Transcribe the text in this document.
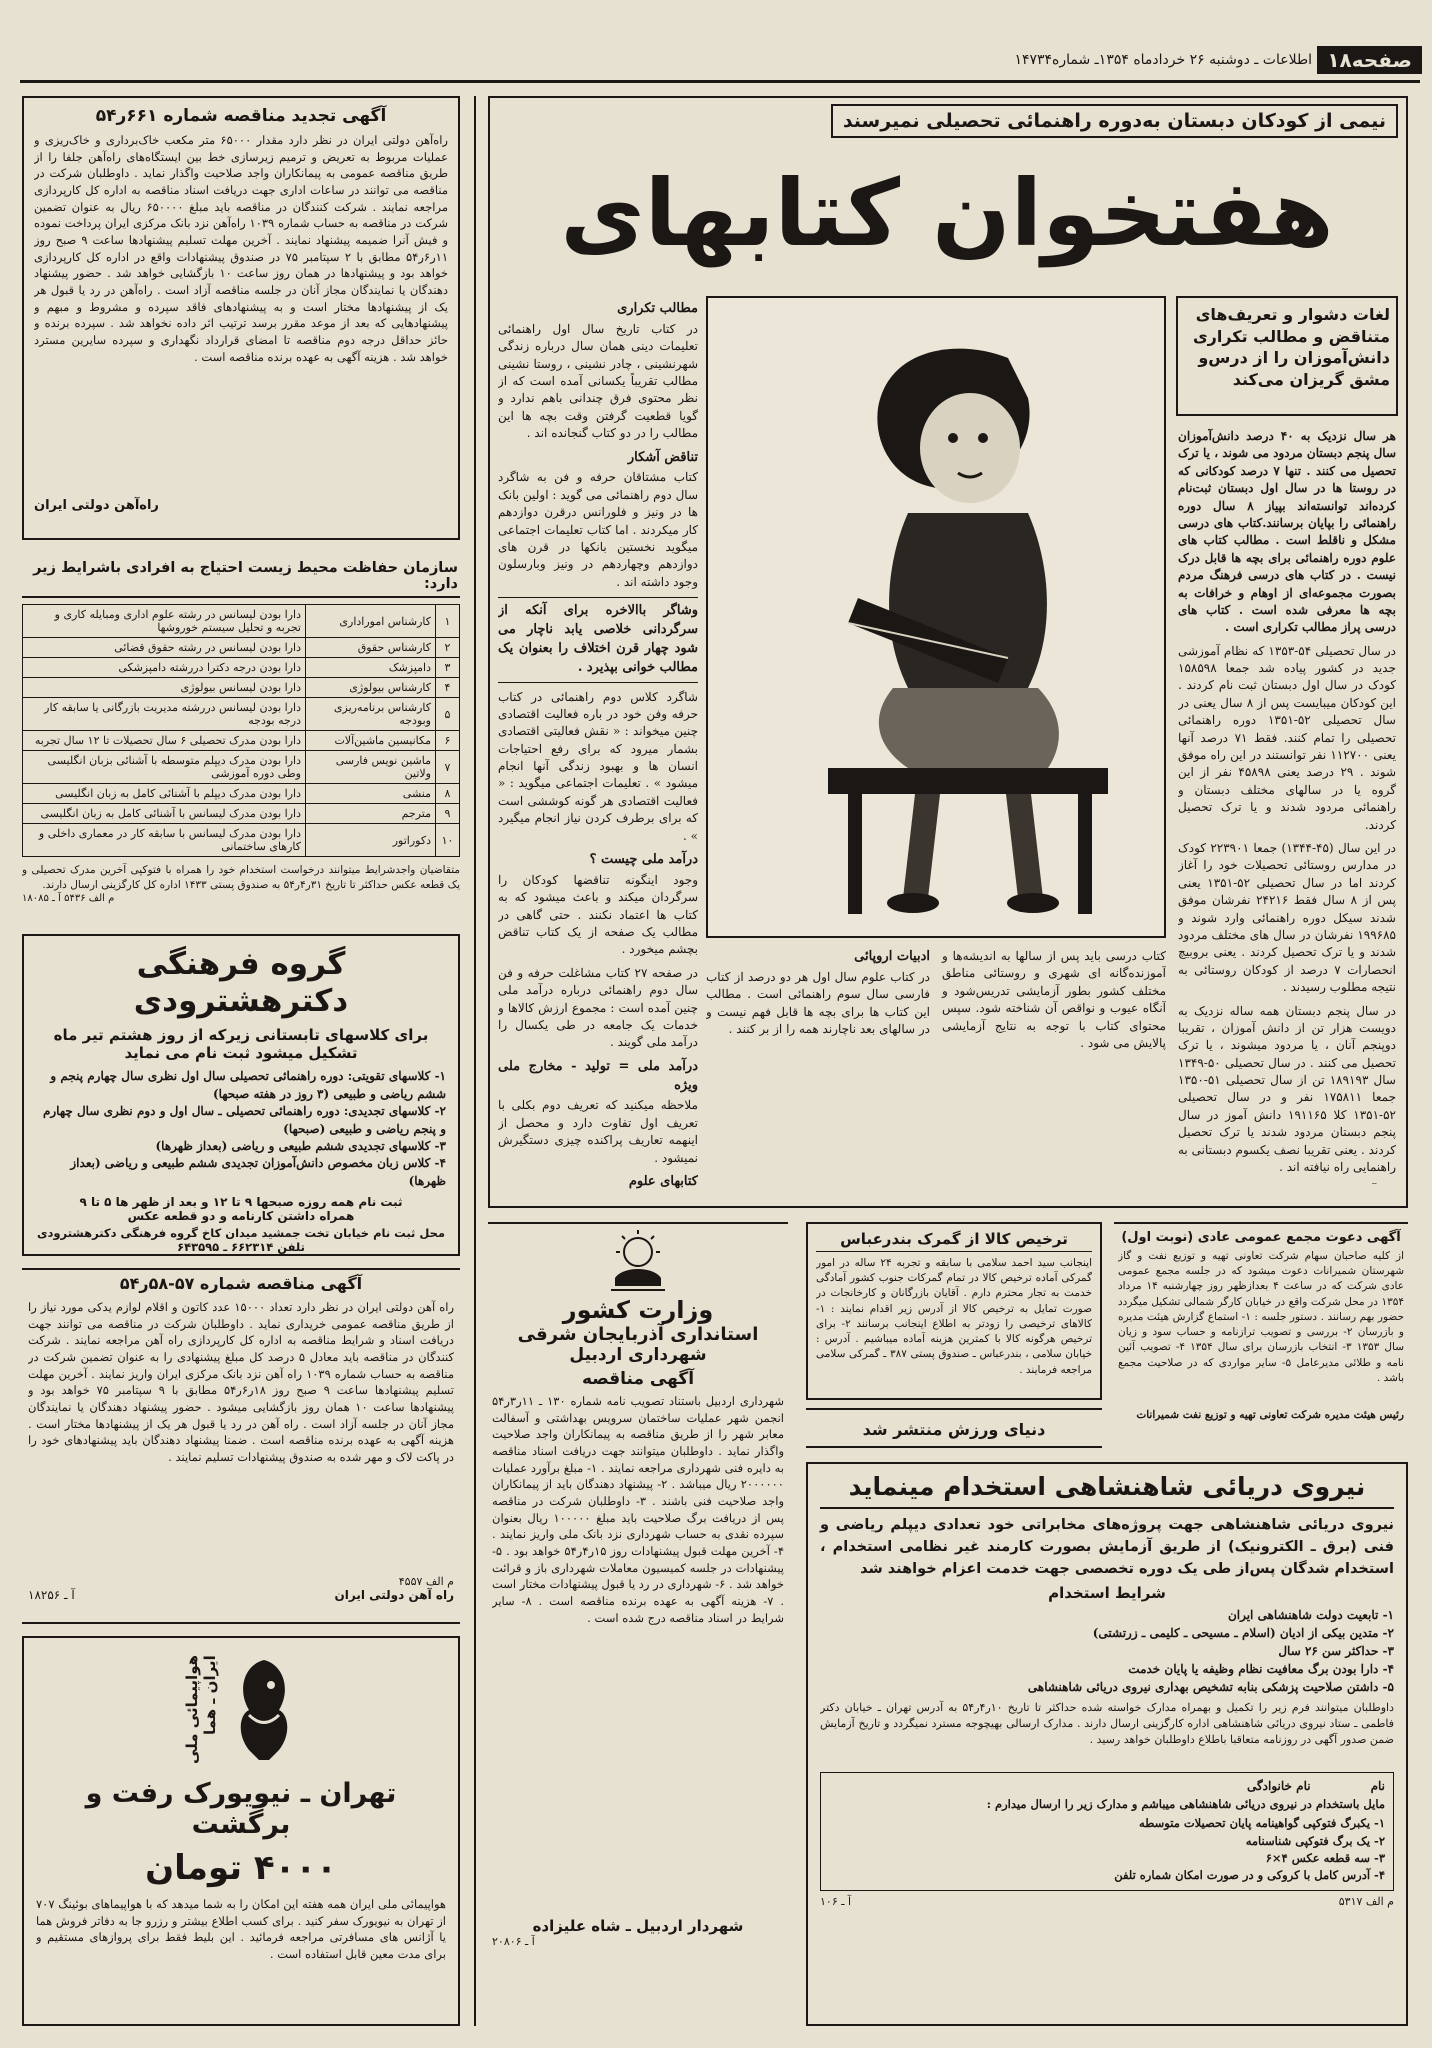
صفحه۱۸
اطلاعات ـ دوشنبه ۲۶ خردادماه ۱۳۵۴ـ شماره۱۴۷۳۴
آگهی تجدید مناقصه شماره ۶۶۱ر۵۴
راه‌آهن دولتی ایران در نظر دارد مقدار ۶۵۰۰۰ متر مکعب خاک‌برداری و خاک‌ریزی و عملیات مربوط به تعریض و ترمیم زیرسازی خط بین ایستگاه‌های راه‌آهن جلفا را از طریق مناقصه عمومی به پیمانکاران واجد صلاحیت واگذار نماید . داوطلبان شرکت در مناقصه می توانند در ساعات اداری جهت دریافت اسناد مناقصه به اداره کل کارپردازی مراجعه نمایند . شرکت کنندگان در مناقصه باید مبلغ ۶۵۰۰۰۰ ریال به عنوان تضمین شرکت در مناقصه به حساب شماره ۱۰۳۹ راه‌آهن نزد بانک مرکزی ایران پرداخت نموده و فیش آنرا ضمیمه پیشنهاد نمایند . آخرین مهلت تسلیم پیشنهادها ساعت ۹ صبح روز ۱۱ر۶ر۵۴ مطابق با ۲ سپتامبر ۷۵ در صندوق پیشنهادات واقع در اداره کل کارپردازی خواهد بود و پیشنهادها در همان روز ساعت ۱۰ بازگشایی خواهد شد . حضور پیشنهاد دهندگان یا نمایندگان مجاز آنان در جلسه مناقصه آزاد است . راه‌آهن در رد یا قبول هر یک از پیشنهادها مختار است و به پیشنهادهای فاقد سپرده و مشروط و مبهم و پیشنهادهایی که بعد از موعد مقرر برسد ترتیب اثر داده نخواهد شد . سپرده برنده و حائز حداقل درجه دوم مناقصه تا امضای قرارداد نگهداری و سپرده سایرین مسترد خواهد شد . هزینه آگهی به عهده برنده مناقصه است .
راه‌آهن دولتی ایران
سازمان حفاظت محیط زیست احتیاج به افرادی باشرایط زیر دارد:
۱	کارشناس اموراداری	دارا بودن لیسانس در رشته علوم اداری ومبایله کاری و تجربه و تحلیل سیستم خوروشها
۲	کارشناس حقوق	دارا بودن لیسانس در رشته حقوق قضائی
۳	دامپزشک	دارا بودن درجه دکترا دررشته دامپزشکی
۴	کارشناس بیولوژی	دارا بودن لیسانس بیولوژی
۵	کارشناس برنامه‌ریزی وبودجه	دارا بودن لیسانس دررشته مدیریت بازرگانی یا سابقه کار درجه بودجه
۶	مکانیسین ماشین‌آلات	دارا بودن مدرک تحصیلی ۶ سال تحصیلات تا ۱۲ سال تجربه
۷	ماشین نویس فارسی ولاتین	دارا بودن مدرک دیپلم متوسطه با آشنائی بزبان انگلیسی وطی دوره آموزشی
۸	منشی	دارا بودن مدرک دیپلم با آشنائی کامل به زبان انگلیسی
۹	مترجم	دارا بودن مدرک لیسانس با آشنائی کامل به زبان انگلیسی
۱۰	دکوراتور	دارا بودن مدرک لیسانس با سابقه کار در معماری داخلی و کارهای ساختمانی
متقاضیان واجدشرایط میتوانند درخواست استخدام خود را همراه با فتوکپی آخرین مدرک تحصیلی و یک قطعه عکس حداکثر تا تاریخ ۳۱ر۴ر۵۴ به صندوق پستی ۱۴۳۳ اداره کل کارگزینی ارسال دارند.
م الف ۵۴۳۶ آ ـ ۱۸۰۸۵
گروه فرهنگی دکترهشترودی
برای کلاسهای تابستانی زیرکه از روز هشتم تیر ماه تشکیل میشود ثبت نام می نماید
۱- کلاسهای تقویتی: دوره راهنمائی تحصیلی سال اول نظری سال چهارم پنجم و ششم ریاضی و طبیعی (۳ روز در هفته صبحها)
۲- کلاسهای تجدیدی: دوره راهنمائی تحصیلی ـ سال اول و دوم نظری سال چهارم و پنجم ریاضی و طبیعی (صبحها)
۳- کلاسهای تجدیدی ششم طبیعی و ریاضی (بعداز ظهرها)
۴- کلاس زبان مخصوص دانش‌آموزان تجدیدی ششم طبیعی و ریاضی (بعداز ظهرها)
ثبت نام همه روزه صبحها ۹ تا ۱۲ و بعد از ظهر ها ۵ تا ۹
همراه داشتن کارنامه و دو قطعه عکس
محل ثبت نام خیابان تخت جمشید میدان کاخ گروه فرهنگی دکترهشترودی تلفن ۶۶۲۳۱۴ ـ ۶۴۳۵۹۵
آگهی مناقصه شماره ۵۷-۵۸ر۵۴
راه آهن دولتی ایران در نظر دارد تعداد ۱۵۰۰۰ عدد کاتون و اقلام لوازم یدکی مورد نیاز را از طریق مناقصه عمومی خریداری نماید . داوطلبان شرکت در مناقصه می توانند جهت دریافت اسناد و شرایط مناقصه به اداره کل کارپردازی راه آهن مراجعه نمایند . شرکت کنندگان در مناقصه باید معادل ۵ درصد کل مبلغ پیشنهادی را به عنوان تضمین شرکت در مناقصه به حساب شماره ۱۰۳۹ راه آهن نزد بانک مرکزی ایران واریز نمایند . آخرین مهلت تسلیم پیشنهادها ساعت ۹ صبح روز ۱۸ر۶ر۵۴ مطابق با ۹ سپتامبر ۷۵ خواهد بود و پیشنهادها ساعت ۱۰ همان روز بازگشایی میشود . حضور پیشنهاد دهندگان یا نمایندگان مجاز آنان در جلسه آزاد است . راه آهن در رد یا قبول هر یک از پیشنهادها مختار است . هزینه آگهی به عهده برنده مناقصه است . ضمنا پیشنهاد دهندگان باید پیشنهادهای خود را در پاکت لاک و مهر شده به صندوق پیشنهادات تسلیم نمایند .
م الف ۴۵۵۷
راه آهن دولتی ایران
آ ـ ۱۸۲۵۶
هواپیمائی ملی ایران ـ هما
تهران ـ نیویورک رفت و برگشت
۴۰۰۰ تومان
هواپیمائی ملی ایران همه هفته این امکان را به شما میدهد که با هواپیماهای بوئینگ ۷۰۷ از تهران به نیویورک سفر کنید . برای کسب اطلاع بیشتر و رزرو جا به دفاتر فروش هما یا آژانس های مسافرتی مراجعه فرمائید . این بلیط فقط برای پروازهای مستقیم و برای مدت معین قابل استفاده است .
نیمی از کودکان دبستان به‌دوره راهنمائی تحصیلی نمیرسند
هفتخوان کتابهای
لغات دشوار و تعریف‌های متناقض و مطالب تکراری دانش‌آموزان را از درس‌و مشق گریزان می‌کند

هر سال نزدیک به ۴۰ درصد دانش‌آموزان سال پنجم دبستان مردود می شوند ، یا ترک تحصیل می کنند . تنها ۷ درصد کودکانی که در روستا ها در سال اول دبستان ثبت‌نام کرده‌اند توانسته‌اند بپیاز ۸ سال دوره راهنمائی را بپایان برسانند.کتاب های درسی مشکل و نا‌قلط است . مطالب کتاب های علوم دوره راهنمائی برای بچه ها قابل درک نیست . در کتاب های درسی فرهنگ مردم بصورت مجموعه‌ای از اوهام و خرافات به بچه ها معرفی شده است . کتاب های درسی پراز مطالب تکراری است .

در سال تحصیلی ۵۴-۱۳۵۳ که نظام آموزشی جدید در کشور پیاده شد جمعا ۱۵۸۵۹۸ کودک در سال اول دبستان ثبت نام کردند . این کودکان میبایست پس از ۸ سال یعنی در سال تحصیلی ۵۲-۱۳۵۱ دوره راهنمائی تحصیلی را تمام کنند. فقط ۷۱ درصد آنها یعنی ۱۱۲۷۰۰ نفر توانستند در این راه موفق شوند . ۲۹ درصد یعنی ۴۵۸۹۸ نفر از این گروه یا در سالهای مختلف دبستان و راهنمائی مردود شدند و یا ترک تحصیل کردند.

در این سال (۴۵-۱۳۴۴) جمعا ۲۲۳۹۰۱ کودک در مدارس روستائی تحصیلات خود را آغاز کردند اما در سال تحصیلی ۵۲-۱۳۵۱ یعنی پس از ۸ سال فقط ۲۴۲۱۶ نفرشان موفق شدند سیکل دوره راهنمائی وارد شوند و ۱۹۹۶۸۵ نفرشان در سال های مختلف مردود شدند و یا ترک تحصیل کردند . یعنی بروبیچ انحصارات ۷ درصد از کودکان روستائی به نتیجه مطلوب رسیدند .

در سال پنجم دبستان همه ساله نزدیک به دویست هزار تن از دانش آموزان ، تقریبا دوپنجم آنان ، یا مردود میشوند ، یا ترک تحصیل می کنند . در سال تحصیلی ۵۰-۱۳۴۹ سال ۱۸۹۱۹۳ تن از سال تحصیلی ۵۱-۱۳۵۰ جمعا ۱۷۵۸۱۱ نفر و در سال تحصیلی ۵۲-۱۳۵۱ کلا ۱۹۱۱۶۵ دانش آموز در سال پنجم دبستان مردود شدند یا ترک تحصیل کردند . یعنی تقریبا نصف یکسوم دبستانی به راهنمایی راه نیافته اند .

کتاب درسی باید پس از سالها به اندیشه‌ها و آموزنده‌گانه ای شهری و روستائی مناطق مختلف کشور بطور آزمایشی تدریس‌شود و آنگاه عیوب و نواقص آن شناخته شود. سپس محتوای کتاب با توجه به نتایج آزمایشی پالایش می شود .

ادبیات اروپائی

در کتاب علوم سال اول هر دو درصد از کتاب فارسی سال سوم راهنمائی است . مطالب این کتاب ها برای بچه ها قابل فهم نیست و در سالهای بعد ناچارند همه را از بر کنند .

مطالب تکراری

در کتاب تاریخ سال اول راهنمائی تعلیمات دینی همان سال درباره زندگی شهرنشینی ، چادر نشینی ، روستا نشینی مطالب تقریباً یکسانی آمده است که از نظر محتوی فرق چندانی باهم ندارد و گویا قطعیت گرفتن وقت بچه ها این مطالب را در دو کتاب گنجانده اند .

تناقض آشکار

کتاب مشتاقان حرفه و فن به شاگرد سال دوم راهنمائی می گوید : اولین بانک ها در ونیز و فلورانس درقرن دوازدهم کار میکردند . اما کتاب تعلیمات اجتماعی میگوید نخستین بانکها در قرن های دوازدهم وچهاردهم در ونیز وبارسلون وجود داشته اند .

وشاگر باالاخره برای آنکه از سرگردانی خلاصی یابد ناچار می شود چهار قرن اختلاف را بعنوان یک مطالب خوانی بپذیرد .

شاگرد کلاس دوم راهنمائی در کتاب حرفه وفن خود در باره فعالیت اقتصادی چنین میخواند : « نقش فعالیتی اقتصادی بشمار میرود که برای رفع احتیاجات انسان ها و بهبود زندگی آنها انجام میشود » . تعلیمات اجتماعی میگوید : « فعالیت اقتصادی هر گونه کوششی است که برای برطرف کردن نیاز انجام میگیرد » .

درآمد ملی چیست ؟

وجود اینگونه تناقضها کودکان را سرگردان میکند و باعث میشود که به کتاب ها اعتماد نکنند . حتی گاهی در مطالب یک صفحه از یک کتاب تناقض بچشم میخورد .

در صفحه ۲۷ کتاب مشاغلت حرفه و فن سال دوم راهنمائی درباره درآمد ملی چنین آمده است : مجموع ارزش کالاها و خدمات یک جامعه در طی یکسال را درآمد ملی گویند .

درآمد ملی = تولید - مخارج ملی ویژه

ملاحظه میکنید که تعریف دوم بکلی با تعریف اول تفاوت دارد و محصل از اینهمه تعاریف پراکنده چیزی دستگیرش نمیشود .

کتابهای علوم

وزارت کشور
استانداری آذربایجان شرقی
شهرداری اردبیل
آگهی مناقصه
شهرداری اردبیل باستناد تصویب نامه شماره ۱۳۰ ـ ۱۱ر۳ر۵۴ انجمن شهر عملیات ساختمان سرویس بهداشتی و آسفالت معابر شهر را از طریق مناقصه به پیمانکاران واجد صلاحیت واگذار نماید . داوطلبان میتوانند جهت دریافت اسناد مناقصه به دایره فنی شهرداری مراجعه نمایند . ۱- مبلغ برآورد عملیات ۲۰۰۰۰۰۰ ریال میباشد . ۲- پیشنهاد دهندگان باید از پیمانکاران واجد صلاحیت فنی باشند . ۳- داوطلبان شرکت در مناقصه پس از دریافت برگ صلاحیت باید مبلغ ۱۰۰۰۰۰ ریال بعنوان سپرده نقدی به حساب شهرداری نزد بانک ملی واریز نمایند . ۴- آخرین مهلت قبول پیشنهادات روز ۱۵ر۴ر۵۴ خواهد بود . ۵- پیشنهادات در جلسه کمیسیون معاملات شهرداری باز و قرائت خواهد شد . ۶- شهرداری در رد یا قبول پیشنهادات مختار است . ۷- هزینه آگهی به عهده برنده مناقصه است . ۸- سایر شرایط در اسناد مناقصه درج شده است .
شهردار اردبیل ـ شاه علیزاده
آ ـ ۲۰۸۰۶
ترخیص کالا از گمرک بندرعباس
اینجانب سید احمد سلامی با سابقه و تجربه ۲۴ ساله در امور گمرکی آماده ترخیص کالا در تمام گمرکات جنوب کشور آمادگی خدمت به تجار محترم دارم . آقایان بازرگانان و کارخانجات در صورت تمایل به ترخیص کالا از آدرس زیر اقدام نمایند : ۱- کالاهای ترخیصی را زودتر به اطلاع اینجانب برسانند ۲- برای ترخیص هرگونه کالا با کمترین هزینه آماده میباشیم . آدرس : خیابان سلامی ، بندرعباس ـ صندوق پستی ۳۸۷ ـ گمرکی سلامی مراجعه فرمایند .
دنیای ورزش منتشر شد
آگهی دعوت مجمع عمومی عادی (نوبت اول)
از کلیه صاحبان سهام شرکت تعاونی تهیه و توزیع نفت و گاز شهرستان شمیرانات دعوت میشود که در جلسه مجمع عمومی عادی شرکت که در ساعت ۴ بعدازظهر روز چهارشنبه ۱۴ مرداد ۱۳۵۴ در محل شرکت واقع در خیابان کارگر شمالی تشکیل میگردد حضور بهم رسانند . دستور جلسه : ۱- استماع گزارش هیئت مدیره و بازرسان ۲- بررسی و تصویب ترازنامه و حساب سود و زیان سال ۱۳۵۳ ۳- انتخاب بازرسان برای سال ۱۳۵۴ ۴- تصویب آئین نامه و طلائی مدیرعامل ۵- سایر مواردی که در صلاحیت مجمع باشد .
رئیس هیئت مدیره شرکت تعاونی تهیه و توزیع نفت شمیرانات
نیروی دریائی شاهنشاهی استخدام مینماید
نیروی دریائی شاهنشاهی جهت پروژه‌های مخابراتی خود تعدادی دیپلم ریاضی و فنی (برق ـ الکترونیک) از طریق آزمایش بصورت کارمند غیر نظامی استخدام ، استخدام شدگان پس‌از طی یک دوره تخصصی جهت خدمت اعزام خواهند شد
شرایط استخدام
۱- تابعیت دولت شاهنشاهی ایران
۲- متدین بیکی از ادیان (اسلام ـ مسیحی ـ کلیمی ـ زرتشتی)
۳- حداکثر سن ۲۶ سال
۴- دارا بودن برگ معافیت نظام وظیفه یا پایان خدمت
۵- داشتن صلاحیت پزشکی بنابه تشخیص بهداری نیروی دریائی شاهنشاهی
داوطلبان میتوانند فرم زیر را تکمیل و بهمراه مدارک خواسته شده حداکثر تا تاریخ ۱۰ر۴ر۵۴ به آدرس تهران ـ خیابان دکتر فاطمی ـ ستاد نیروی دریائی شاهنشاهی اداره کارگزینی ارسال دارند . مدارک ارسالی بهیچوجه مسترد نمیگردد و تاریخ آزمایش ضمن صدور آگهی در روزنامه متعاقبا باطلاع داوطلبان خواهد رسید .
نام
نام خانوادگی
مایل باستخدام در نیروی دریائی شاهنشاهی میباشم و مدارک زیر را ارسال میدارم :
۱- یکبرگ فتوکپی گواهینامه پایان تحصیلات متوسطه
۲- یک برگ فتوکپی شناسنامه
۳- سه قطعه عکس ۴×۶
۴- آدرس کامل با کروکی و در صورت امکان شماره تلفن
م الف ۵۳۱۷
آ ـ ۱۰۶
